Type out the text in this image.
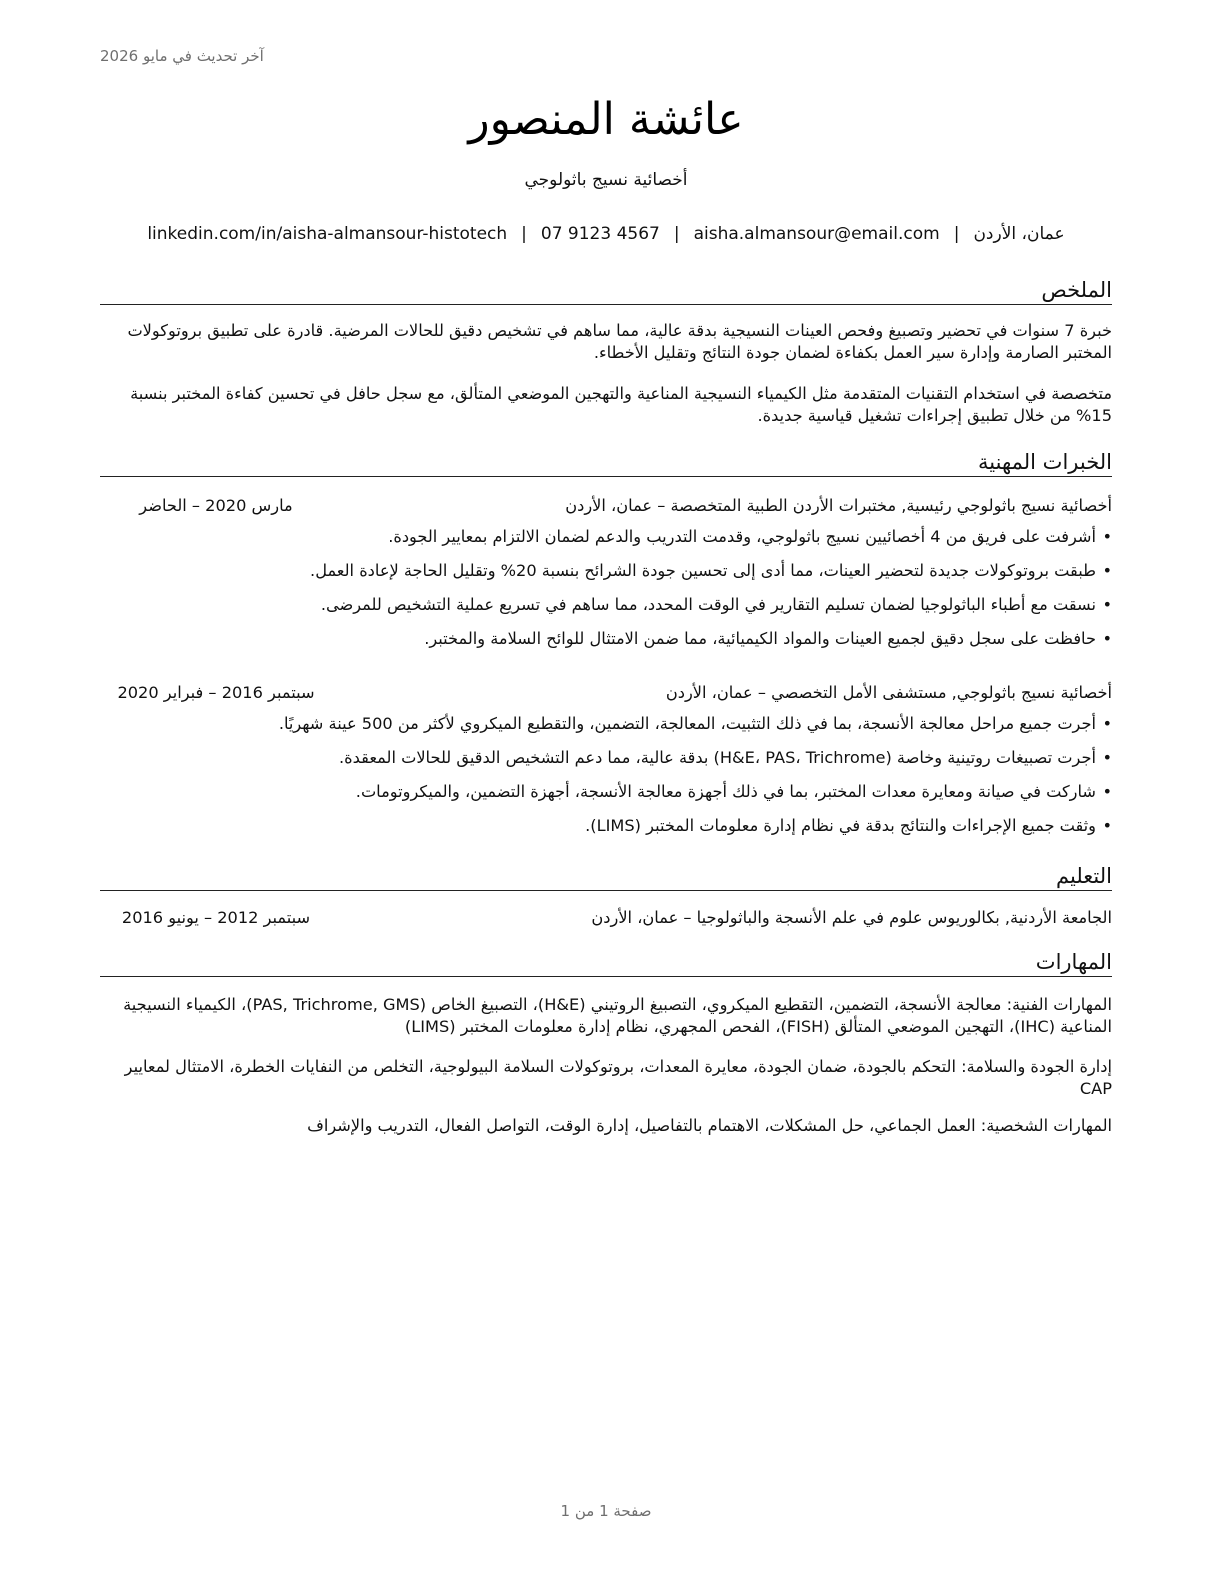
آخر تحديث في مايو 2026
عائشة المنصور
أخصائية نسيج باثولوجي
عمان، الأردن|aisha.almansour@email.com|07 9123 4567|linkedin.com/in/aisha-almansour-histotech
الملخص
خبرة 7 سنوات في تحضير وتصبيغ وفحص العينات النسيجية بدقة عالية، مما ساهم في تشخيص دقيق للحالات المرضية. قادرة على تطبيق بروتوكولات المختبر الصارمة وإدارة سير العمل بكفاءة لضمان جودة النتائج وتقليل الأخطاء.
متخصصة في استخدام التقنيات المتقدمة مثل الكيمياء النسيجية المناعية والتهجين الموضعي المتألق، مع سجل حافل في تحسين كفاءة المختبر بنسبة 15% من خلال تطبيق إجراءات تشغيل قياسية جديدة.
الخبرات المهنية
أخصائية نسيج باثولوجي رئيسية, مختبرات الأردن الطبية المتخصصة – عمان، الأردن
مارس 2020 – الحاضر
•أشرفت على فريق من 4 أخصائيين نسيج باثولوجي، وقدمت التدريب والدعم لضمان الالتزام بمعايير الجودة.
•طبقت بروتوكولات جديدة لتحضير العينات، مما أدى إلى تحسين جودة الشرائح بنسبة 20% وتقليل الحاجة لإعادة العمل.
•نسقت مع أطباء الباثولوجيا لضمان تسليم التقارير في الوقت المحدد، مما ساهم في تسريع عملية التشخيص للمرضى.
•حافظت على سجل دقيق لجميع العينات والمواد الكيميائية، مما ضمن الامتثال للوائح السلامة والمختبر.
أخصائية نسيج باثولوجي, مستشفى الأمل التخصصي – عمان، الأردن
سبتمبر 2016 – فبراير 2020
•أجرت جميع مراحل معالجة الأنسجة، بما في ذلك التثبيت، المعالجة، التضمين، والتقطيع الميكروي لأكثر من 500 عينة شهريًا.
•أجرت تصبيغات روتينية وخاصة (H&E، PAS، Trichrome) بدقة عالية، مما دعم التشخيص الدقيق للحالات المعقدة.
•شاركت في صيانة ومعايرة معدات المختبر، بما في ذلك أجهزة معالجة الأنسجة، أجهزة التضمين، والميكروتومات.
•وثقت جميع الإجراءات والنتائج بدقة في نظام إدارة معلومات المختبر (LIMS).
التعليم
الجامعة الأردنية, بكالوريوس علوم في علم الأنسجة والباثولوجيا – عمان، الأردن
سبتمبر 2012 – يونيو 2016
المهارات
المهارات الفنية: معالجة الأنسجة، التضمين، التقطيع الميكروي، التصبيغ الروتيني (H&E)، التصبيغ الخاص (PAS, Trichrome, GMS)، الكيمياء النسيجية المناعية (IHC)، التهجين الموضعي المتألق (FISH)، الفحص المجهري، نظام إدارة معلومات المختبر (LIMS)
إدارة الجودة والسلامة: التحكم بالجودة، ضمان الجودة، معايرة المعدات، بروتوكولات السلامة البيولوجية، التخلص من النفايات الخطرة، الامتثال لمعايير CAP
المهارات الشخصية: العمل الجماعي، حل المشكلات، الاهتمام بالتفاصيل، إدارة الوقت، التواصل الفعال، التدريب والإشراف
صفحة 1 من 1
